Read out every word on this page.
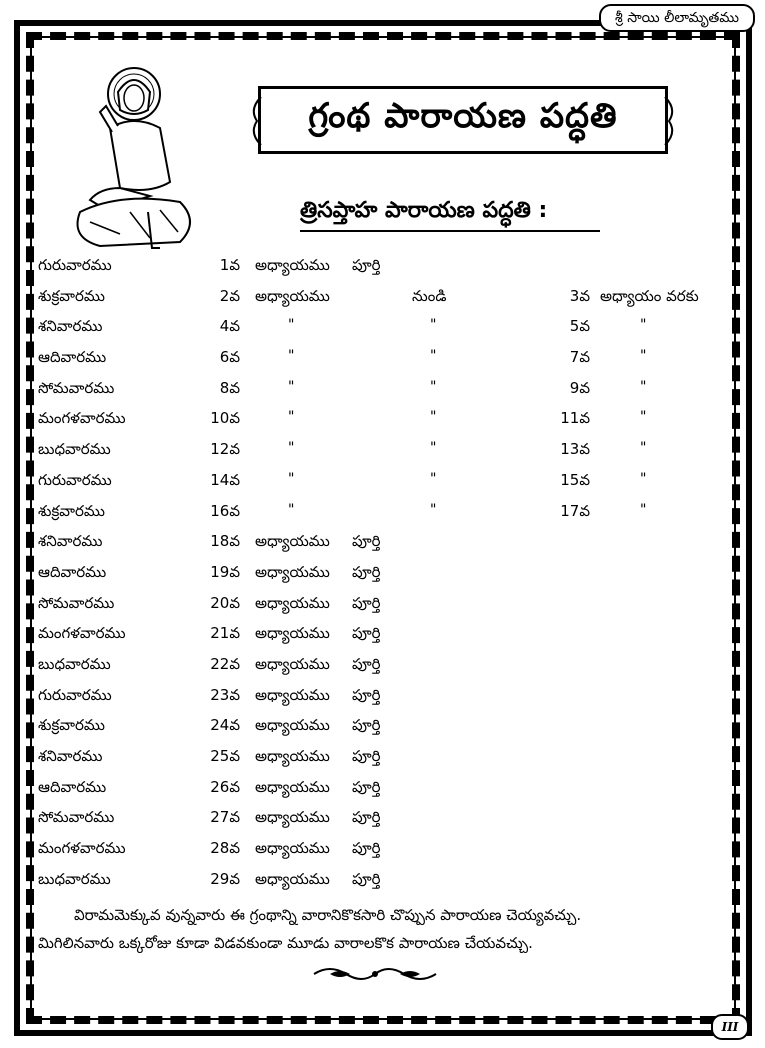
శ్రీ సాయి లీలామృతము
III
గ్రంథ పారాయణ పద్ధతి
త్రిసప్తాహ పారాయణ పద్ధతి :
గురువారము	1వ అధ్యాయము పూర్తి
శుక్రవారము	2వ అధ్యాయము	నుండి	3వ అధ్యాయం వరకు
శనివారము	4వ	"	"	5వ	"
ఆదివారము	6వ	"	"	7వ	"
సోమవారము	8వ	"	"	9వ	"
మంగళవారము	10వ	"	"	11వ	"
బుధవారము	12వ	"	"	13వ	"
గురువారము	14వ	"	"	15వ	"
శుక్రవారము	16వ	"	"	17వ	"
శనివారము	18వ అధ్యాయము పూర్తి
ఆదివారము	19వ అధ్యాయము పూర్తి
సోమవారము	20వ అధ్యాయము పూర్తి
మంగళవారము	21వ అధ్యాయము పూర్తి
బుధవారము	22వ అధ్యాయము పూర్తి
గురువారము	23వ అధ్యాయము పూర్తి
శుక్రవారము	24వ అధ్యాయము పూర్తి
శనివారము	25వ అధ్యాయము పూర్తి
ఆదివారము	26వ అధ్యాయము పూర్తి
సోమవారము	27వ అధ్యాయము పూర్తి
మంగళవారము	28వ అధ్యాయము పూర్తి
బుధవారము	29వ అధ్యాయము పూర్తి
విరామమెక్కువ వున్నవారు ఈ గ్రంథాన్ని వారానికొకసారి చొప్పున పారాయణ చెయ్యవచ్చు.
మిగిలినవారు ఒక్కరోజు కూడా విడవకుండా మూడు వారాలకొక పారాయణ చేయవచ్చు.
